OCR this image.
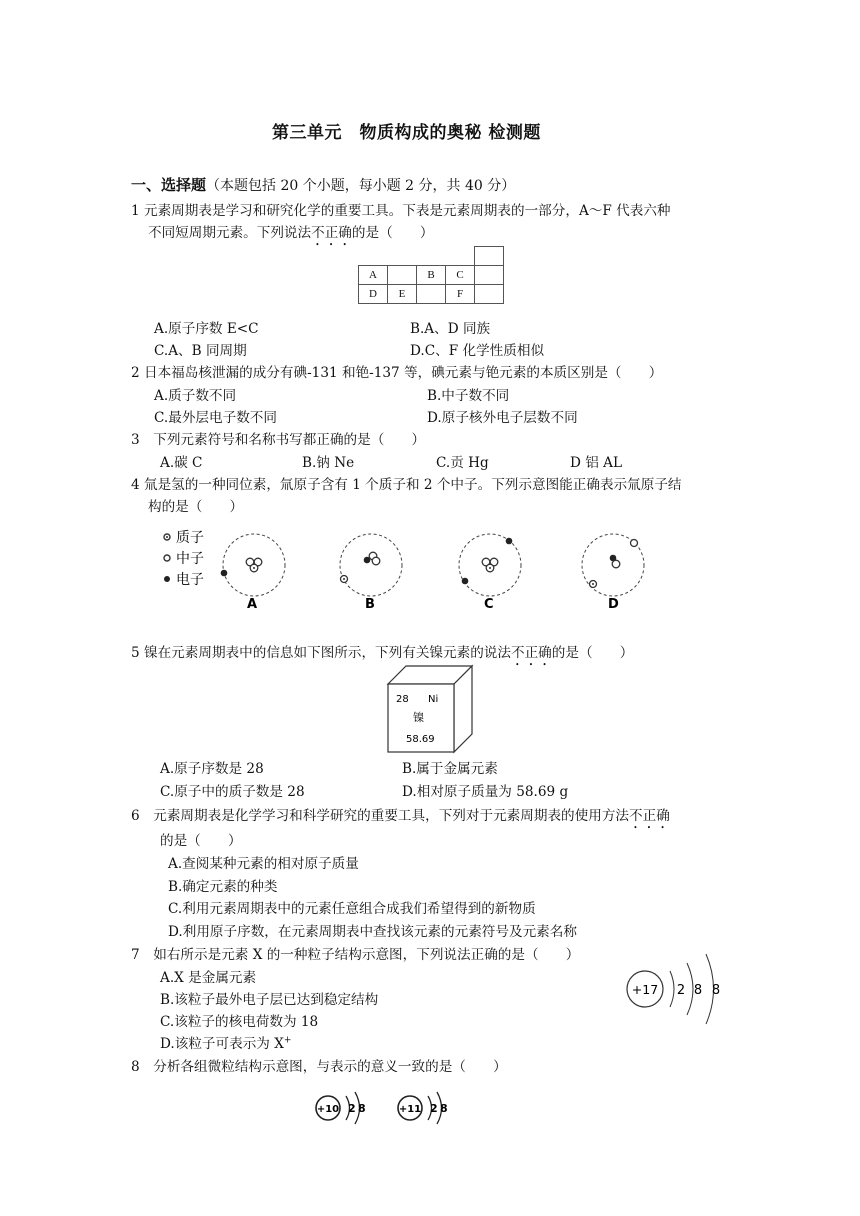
第三单元　物质构成的奥秘 检测题
一、选择题（本题包括 20 个小题，每小题 2 分，共 40 分）
1 元素周期表是学习和研究化学的重要工具。下表是元素周期表的一部分，A～F 代表六种
不同短周期元素。下列说法不正确的是（　　）

A		B	C	
D	E		F	
A.原子序数 E<C	B.A、D 同族
C.A、B 同周期	D.C、F 化学性质相似
2 日本福岛核泄漏的成分有碘-131 和铯-137 等，碘元素与铯元素的本质区别是（　　）
A.质子数不同	B.中子数不同
C.最外层电子数不同	D.原子核外电子层数不同
3　下列元素符号和名称书写都正确的是（　　）
A.碳 C	B.钠 Ne	C.贡 Hg	D 铝 AL
4 氚是氢的一种同位素，氚原子含有 1 个质子和 2 个中子。下列示意图能正确表示氚原子结
构的是（　　）
质子
中子
电子
A	B	C	D
5 镍在元素周期表中的信息如下图所示，下列有关镍元素的说法不正确的是（　　）
28 Ni
镍
58.69
A.原子序数是 28	B.属于金属元素
C.原子中的质子数是 28	D.相对原子质量为 58.69 g
6　元素周期表是化学学习和科学研究的重要工具，下列对于元素周期表的使用方法不正确
的是（　　）
A.查阅某种元素的相对原子质量
B.确定元素的种类
C.利用元素周期表中的元素任意组合成我们希望得到的新物质
D.利用原子序数，在元素周期表中查找该元素的元素符号及元素名称
7　如右所示是元素 X 的一种粒子结构示意图，下列说法正确的是（　　）
A.X 是金属元素
B.该粒子最外电子层已达到稳定结构
C.该粒子的核电荷数为 18
D.该粒子可表示为 X+
+17 2 8 8
8　分析各组微粒结构示意图，与表示的意义一致的是（　　）
+10 2 8	+11 2 8
